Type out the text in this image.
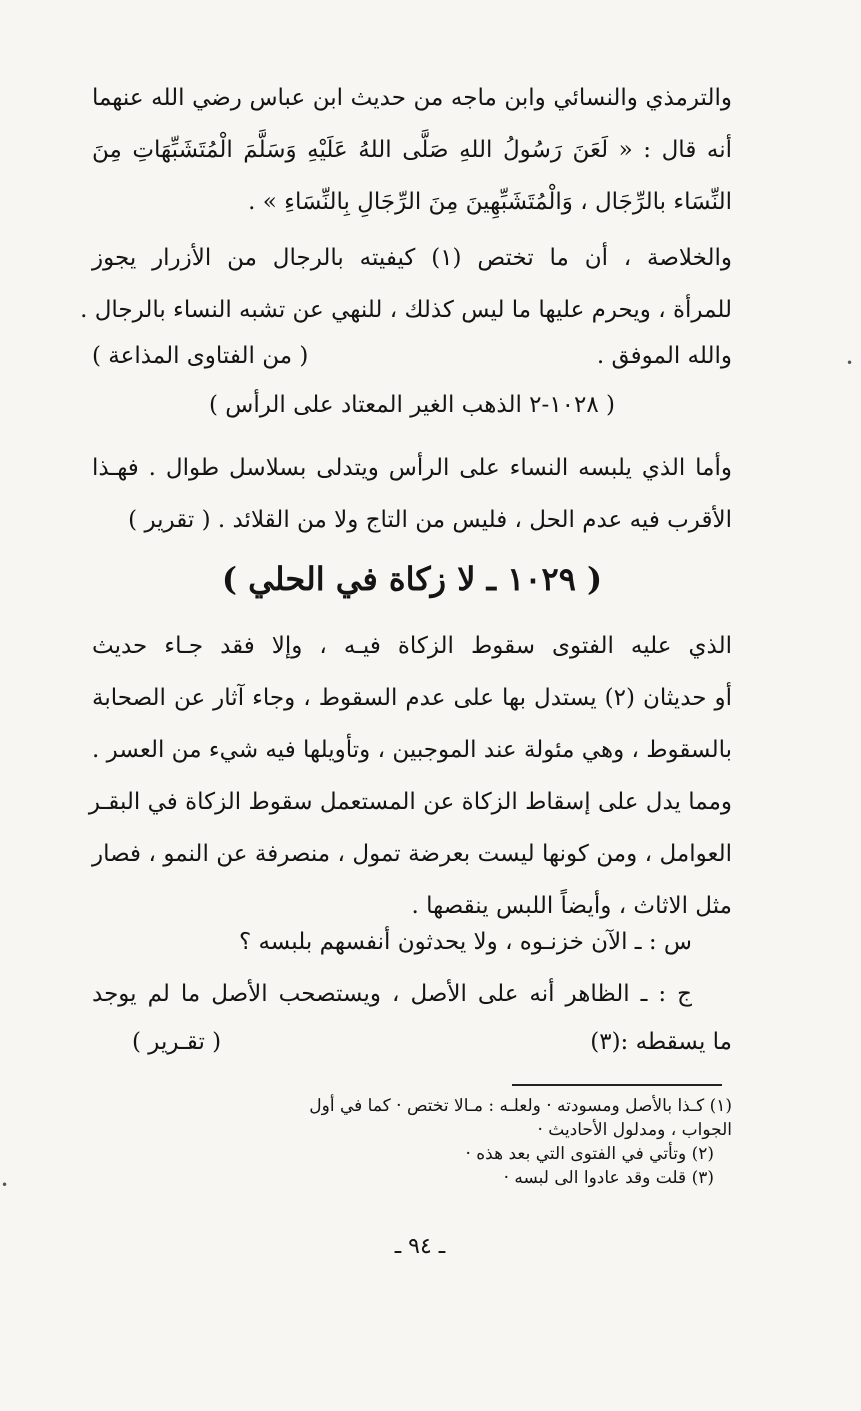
والترمذي والنسائي وابن ماجه من حديث ابن عباس رضي الله عنهما
أنه قال : « لَعَنَ رَسُولُ اللهِ صَلَّى اللهُ عَلَيْهِ وَسَلَّمَ الْمُتَشَبِّهَاتِ مِنَ
النِّسَاء بالرِّجَال ، وَالْمُتَشَبِّهِينَ مِنَ الرِّجَالِ بِالنِّسَاءِ » .
والخلاصة ، أن ما تختص (١) كيفيته بالرجال من الأزرار يجوز
للمرأة ، ويحرم عليها ما ليس كذلك ، للنهي عن تشبه النساء بالرجال .
والله الموفق .
( من الفتاوى المذاعة )
( ١٠٢٨-٢ الذهب الغير المعتاد على الرأس )
وأما الذي يلبسه النساء على الرأس ويتدلى بسلاسل طوال . فهـذا
الأقرب فيه عدم الحل ، فليس من التاج ولا من القلائد . ( تقرير )
( ١٠٢٩ ـ لا زكاة في الحلي )
الذي عليه الفتوى سقوط الزكاة فيـه ، وإلا فقد جـاء حديث
أو حديثان (٢) يستدل بها على عدم السقوط ، وجاء آثار عن الصحابة
بالسقوط ، وهي مئولة عند الموجبين ، وتأويلها فيه شيء من العسر .
ومما يدل على إسقاط الزكاة عن المستعمل سقوط الزكاة في البقـر
العوامل ، ومن كونها ليست بعرضة تمول ، منصرفة عن النمو ، فصار
مثل الاثاث ، وأيضاً اللبس ينقصها .
س : ـ الآن خزنـوه ، ولا يحدثون أنفسهم بلبسه ؟
ج : ـ الظاهر أنه على الأصل ، ويستصحب الأصل ما لم يوجد
ما يسقطه :(٣)
( تقـرير )
(١) كـذا بالأصل ومسودته · ولعلـه : مـالا تختص · كما في أول
الجواب ، ومدلول الأحاديث ·
(٢) وتأتي في الفتوى التي بعد هذه ·
(٣) قلت وقد عادوا الى لبسه ·
ـ ٩٤ ـ
•
•
